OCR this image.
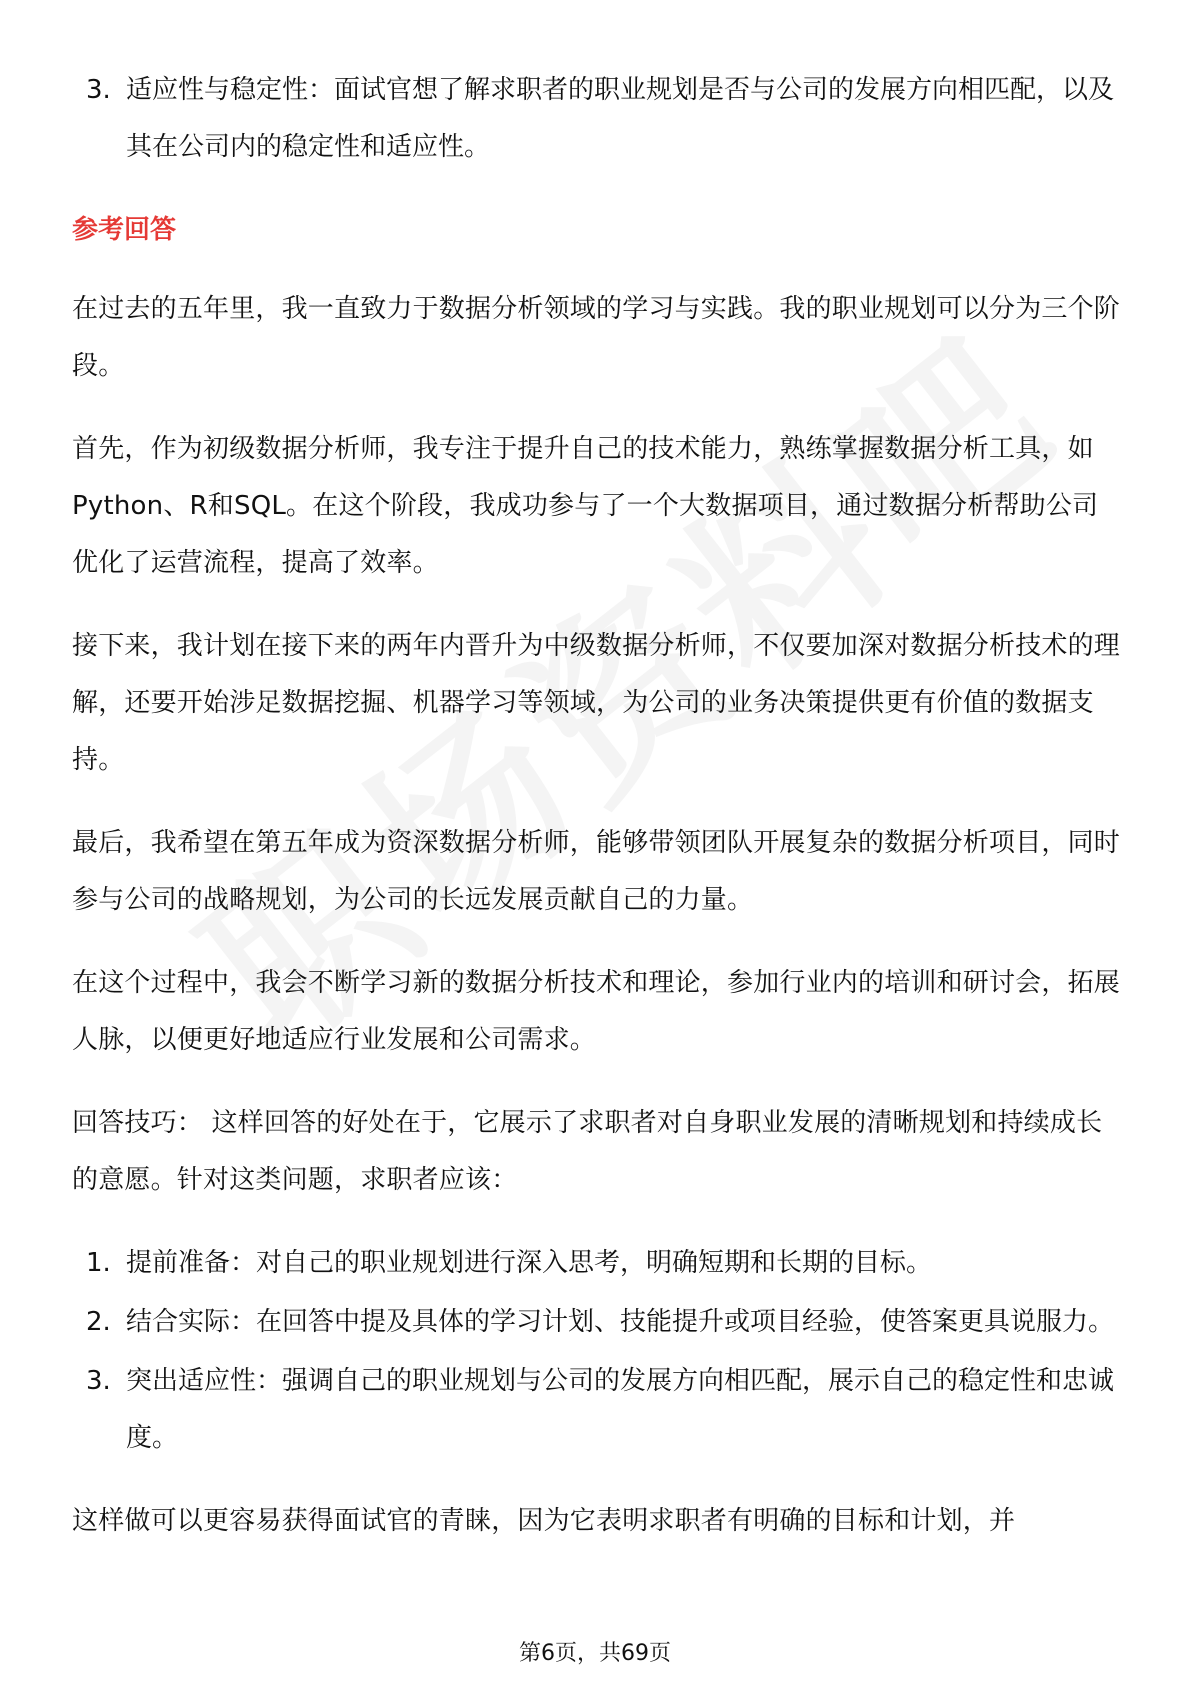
3. 适应性与稳定性：面试官想了解求职者的职业规划是否与公司的发展方向相匹配，以及其在公司内的稳定性和适应性。
参考回答

在过去的五年里，我一直致力于数据分析领域的学习与实践。我的职业规划可以分为三个阶段。

首先，作为初级数据分析师，我专注于提升自己的技术能力，熟练掌握数据分析工具，如Python、R和SQL。在这个阶段，我成功参与了一个大数据项目，通过数据分析帮助公司优化了运营流程，提高了效率。

接下来，我计划在接下来的两年内晋升为中级数据分析师，不仅要加深对数据分析技术的理解，还要开始涉足数据挖掘、机器学习等领域，为公司的业务决策提供更有价值的数据支持。

最后，我希望在第五年成为资深数据分析师，能够带领团队开展复杂的数据分析项目，同时参与公司的战略规划，为公司的长远发展贡献自己的力量。

在这个过程中，我会不断学习新的数据分析技术和理论，参加行业内的培训和研讨会，拓展人脉，以便更好地适应行业发展和公司需求。

回答技巧： 这样回答的好处在于，它展示了求职者对自身职业发展的清晰规划和持续成长的意愿。针对这类问题，求职者应该：

1. 提前准备：对自己的职业规划进行深入思考，明确短期和长期的目标。
2. 结合实际：在回答中提及具体的学习计划、技能提升或项目经验，使答案更具说服力。
3. 突出适应性：强调自己的职业规划与公司的发展方向相匹配，展示自己的稳定性和忠诚度。

这样做可以更容易获得面试官的青睐，因为它表明求职者有明确的目标和计划，并

第6页，共69页
